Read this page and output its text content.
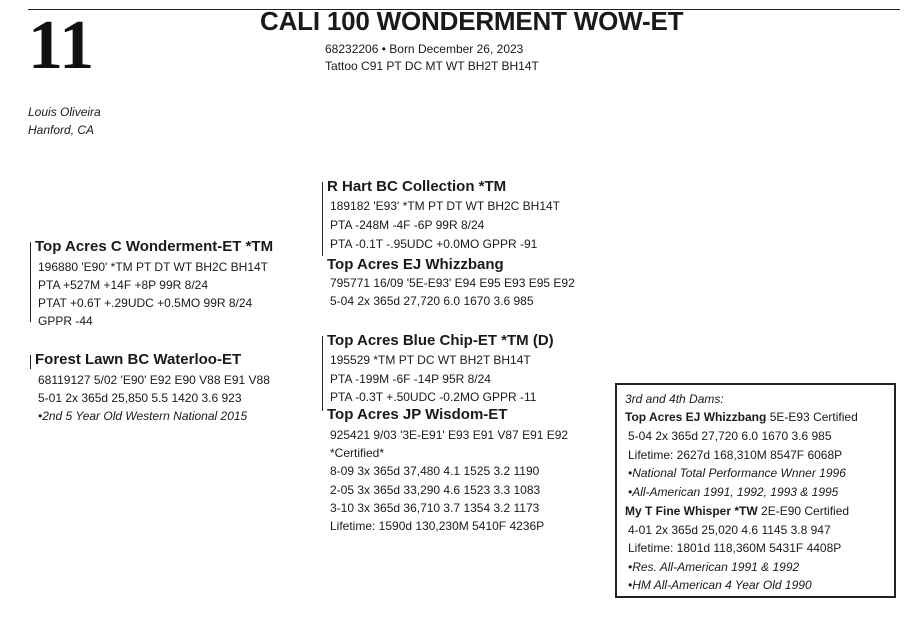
11	CALI 100 WONDERMENT WOW-ET
68232206 • Born December 26, 2023
Tattoo C91 PT DC MT WT BH2T BH14T
Louis Oliveira
Hanford, CA
Top Acres C Wonderment-ET *TM
196880 'E90' *TM PT DT WT BH2C BH14T
PTA +527M +14F +8P 99R 8/24
PTAT +0.6T +.29UDC +0.5MO 99R 8/24
GPPR -44
Forest Lawn BC Waterloo-ET
68119127 5/02 'E90' E92 E90 V88 E91 V88
5-01 2x 365d 25,850 5.5 1420 3.6 923
•2nd 5 Year Old Western National 2015
R Hart BC Collection *TM
189182 'E93' *TM PT DT WT BH2C BH14T
PTA -248M -4F -6P 99R 8/24
PTA -0.1T -.95UDC +0.0MO GPPR -91
Top Acres EJ Whizzbang
795771 16/09 '5E-E93' E94 E95 E93 E95 E92
5-04 2x 365d 27,720 6.0 1670 3.6 985
Top Acres Blue Chip-ET *TM (D)
195529 *TM PT DC WT BH2T BH14T
PTA -199M -6F -14P 95R 8/24
PTA -0.3T +.50UDC -0.2MO GPPR -11
Top Acres JP Wisdom-ET
925421 9/03 '3E-E91' E93 E91 V87 E91 E92
*Certified*
8-09 3x 365d 37,480 4.1 1525 3.2 1190
2-05 3x 365d 33,290 4.6 1523 3.3 1083
3-10 3x 365d 36,710 3.7 1354 3.2 1173
Lifetime: 1590d 130,230M 5410F 4236P
3rd and 4th Dams:
Top Acres EJ Whizzbang 5E-E93 Certified
5-04 2x 365d 27,720 6.0 1670 3.6 985
Lifetime: 2627d 168,310M 8547F 6068P
•National Total Performance Wnner 1996
•All-American 1991, 1992, 1993 & 1995
My T Fine Whisper *TW 2E-E90 Certified
4-01 2x 365d 25,020 4.6 1145 3.8 947
Lifetime: 1801d 118,360M 5431F 4408P
•Res. All-American 1991 & 1992
•HM All-American 4 Year Old 1990
